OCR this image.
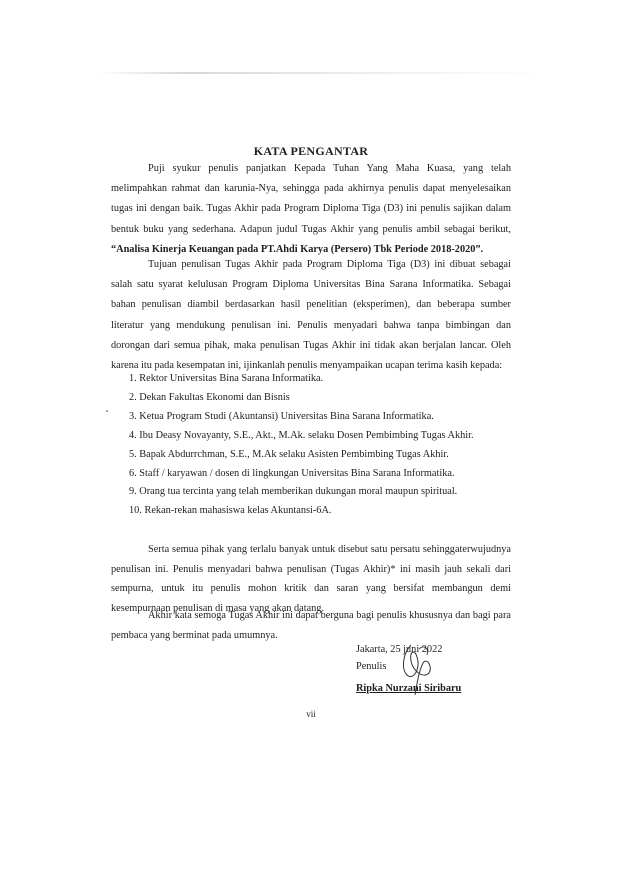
KATA PENGANTAR
Puji syukur penulis panjatkan Kepada Tuhan Yang Maha Kuasa, yang telah melimpahkan rahmat dan karunia-Nya, sehingga pada akhirnya penulis dapat menyelesaikan tugas ini dengan baik. Tugas Akhir pada Program Diploma Tiga (D3) ini penulis sajikan dalam bentuk buku yang sederhana. Adapun judul Tugas Akhir yang penulis ambil sebagai berikut, “Analisa Kinerja Keuangan pada PT.Ahdi Karya (Persero) Tbk Periode 2018-2020”.
Tujuan penulisan Tugas Akhir pada Program Diploma Tiga (D3) ini dibuat sebagai salah satu syarat kelulusan Program Diploma Universitas Bina Sarana Informatika. Sebagai bahan penulisan diambil berdasarkan hasil penelitian (eksperimen), dan beberapa sumber literatur yang mendukung penulisan ini. Penulis menyadari bahwa tanpa bimbingan dan dorongan dari semua pihak, maka penulisan Tugas Akhir ini tidak akan berjalan lancar. Oleh karena itu pada kesempatan ini, ijinkanlah penulis menyampaikan ucapan terima kasih kepada:
1. Rektor Universitas Bina Sarana Informatika.
2. Dekan Fakultas Ekonomi dan Bisnis
3. Ketua Program Studi (Akuntansi) Universitas Bina Sarana Informatika.
4. Ibu Deasy Novayanty, S.E., Akt., M.Ak. selaku Dosen Pembimbing Tugas Akhir.
5. Bapak Abdurrchman, S.E., M.Ak selaku Asisten Pembimbing Tugas Akhir.
6. Staff / karyawan / dosen di lingkungan Universitas Bina Sarana Informatika.
9. Orang tua tercinta yang telah memberikan dukungan moral maupun spiritual.
10. Rekan-rekan mahasiswa kelas Akuntansi-6A.
Serta semua pihak yang terlalu banyak untuk disebut satu persatu sehinggaterwujudnya penulisan ini. Penulis menyadari bahwa penulisan (Tugas Akhir)* ini masih jauh sekali dari sempurna, untuk itu penulis mohon kritik dan saran yang bersifat membangun demi kesempurnaan penulisan di masa yang akan datang.
Akhir kata semoga Tugas Akhir ini dapat berguna bagi penulis khususnya dan bagi para pembaca yang berminat pada umumnya.
Jakarta, 25 juni 2022
Penulis
Ripka Nurzani Siribaru
vii
